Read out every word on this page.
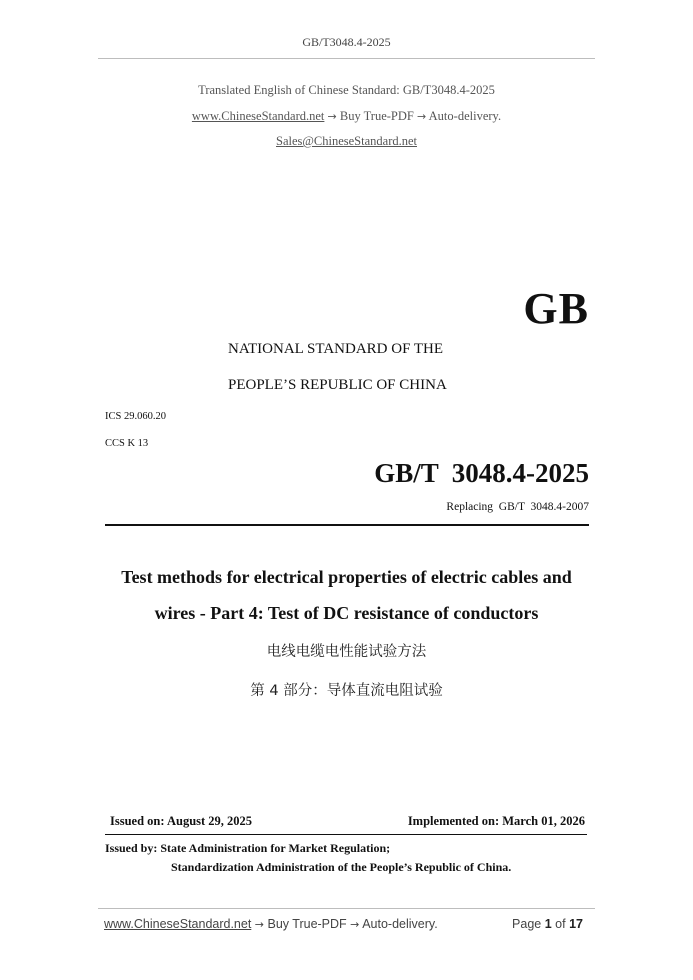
GB/T3048.4-2025
Translated English of Chinese Standard: GB/T3048.4-2025
www.ChineseStandard.net → Buy True-PDF → Auto-delivery.
Sales@ChineseStandard.net
GB
NATIONAL STANDARD OF THE
PEOPLE’S REPUBLIC OF CHINA
ICS 29.060.20
CCS K 13
GB/T  3048.4-2025
Replacing  GB/T  3048.4-2007
Test methods for electrical properties of electric cables and
wires - Part 4: Test of DC resistance of conductors
电线电缆电性能试验方法
第 4 部分：导体直流电阻试验
Issued on: August 29, 2025	Implemented on: March 01, 2026
Issued by: State Administration for Market Regulation;
Standardization Administration of the People’s Republic of China.
www.ChineseStandard.net → Buy True-PDF → Auto-delivery.	Page 1 of 17
